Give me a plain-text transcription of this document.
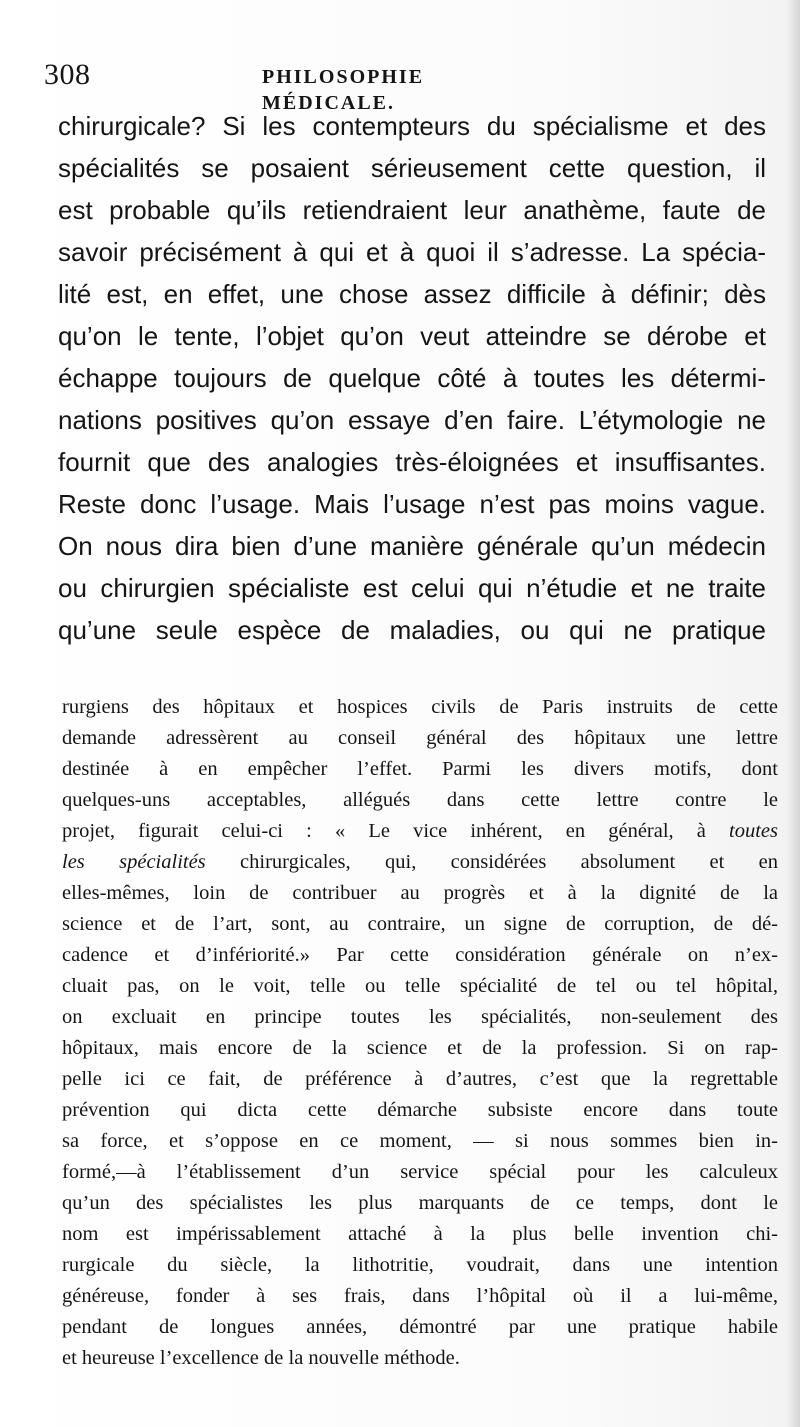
308	PHILOSOPHIE MÉDICALE.
chirurgicale? Si les contempteurs du spécialisme et des
spécialités se posaient sérieusement cette question, il
est probable qu’ils retiendraient leur anathème, faute de
savoir précisément à qui et à quoi il s’adresse. La spécia-
lité est, en effet, une chose assez difficile à définir; dès
qu’on le tente, l’objet qu’on veut atteindre se dérobe et
échappe toujours de quelque côté à toutes les détermi-
nations positives qu’on essaye d’en faire. L’étymologie ne
fournit que des analogies très-éloignées et insuffisantes.
Reste donc l’usage. Mais l’usage n’est pas moins vague.
On nous dira bien d’une manière générale qu’un médecin
ou chirurgien spécialiste est celui qui n’étudie et ne traite
qu’une seule espèce de maladies, ou qui ne pratique
rurgiens des hôpitaux et hospices civils de Paris instruits de cette
demande adressèrent au conseil général des hôpitaux une lettre
destinée à en empêcher l’effet. Parmi les divers motifs, dont
quelques-uns acceptables, allégués dans cette lettre contre le
projet, figurait celui-ci : « Le vice inhérent, en général, à toutes
les spécialités chirurgicales, qui, considérées absolument et en
elles-mêmes, loin de contribuer au progrès et à la dignité de la
science et de l’art, sont, au contraire, un signe de corruption, de dé-
cadence et d’infériorité.» Par cette considération générale on n’ex-
cluait pas, on le voit, telle ou telle spécialité de tel ou tel hôpital,
on excluait en principe toutes les spécialités, non-seulement des
hôpitaux, mais encore de la science et de la profession. Si on rap-
pelle ici ce fait, de préférence à d’autres, c’est que la regrettable
prévention qui dicta cette démarche subsiste encore dans toute
sa force, et s’oppose en ce moment, — si nous sommes bien in-
formé,—à l’établissement d’un service spécial pour les calculeux
qu’un des spécialistes les plus marquants de ce temps, dont le
nom est impérissablement attaché à la plus belle invention chi-
rurgicale du siècle, la lithotritie, voudrait, dans une intention
généreuse, fonder à ses frais, dans l’hôpital où il a lui-même,
pendant de longues années, démontré par une pratique habile
et heureuse l’excellence de la nouvelle méthode.
